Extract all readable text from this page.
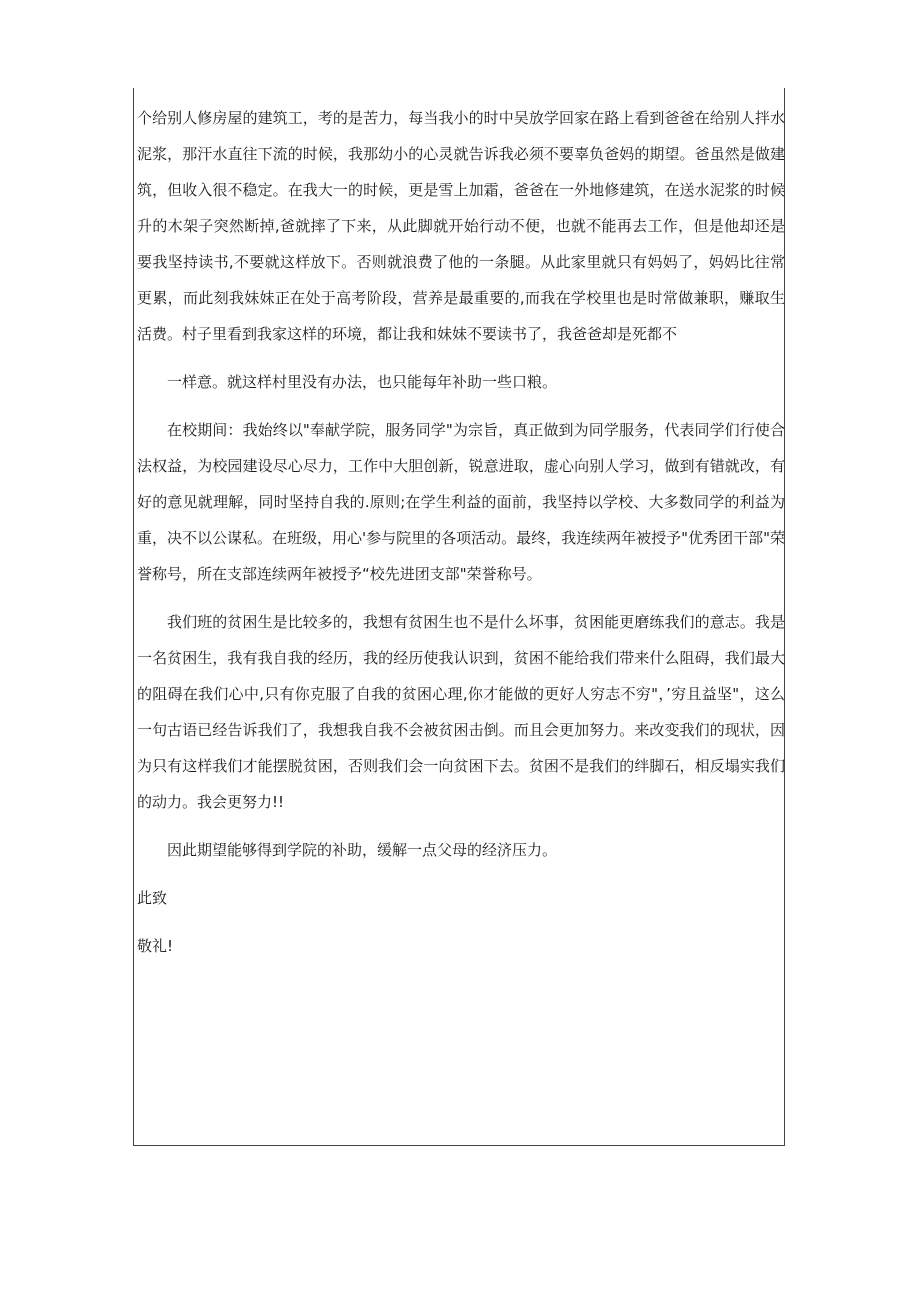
个给别人修房屋的建筑工，考的是苦力，每当我小的时中吴放学回家在路上看到爸爸在给别人拌水泥浆，那汗水直往下流的时候，我那幼小的心灵就告诉我必须不要辜负爸妈的期望。爸虽然是做建筑，但收入很不稳定。在我大一的时候，更是雪上加霜，爸爸在一外地修建筑，在送水泥浆的时候升的木架子突然断掉,爸就摔了下来，从此脚就开始行动不便，也就不能再去工作，但是他却还是要我坚持读书,不要就这样放下。否则就浪费了他的一条腿。从此家里就只有妈妈了，妈妈比往常更累，而此刻我妹妹正在处于高考阶段，营养是最重要的,而我在学校里也是时常做兼职，赚取生活费。村子里看到我家这样的环境，都让我和妹妹不要读书了，我爸爸却是死都不

一样意。就这样村里没有办法，也只能每年补助一些口粮。

在校期间：我始终以"奉献学院，服务同学"为宗旨，真正做到为同学服务，代表同学们行使合法权益，为校园建设尽心尽力，工作中大胆创新，锐意进取，虚心向别人学习，做到有错就改，有好的意见就理解，同时坚持自我的.原则;在学生利益的面前，我坚持以学校、大多数同学的利益为重，决不以公谋私。在班级，用心'参与院里的各项活动。最终，我连续两年被授予"优秀团干部"荣誉称号，所在支部连续两年被授予“校先进团支部"荣誉称号。

我们班的贫困生是比较多的，我想有贫困生也不是什么坏事，贫困能更磨练我们的意志。我是一名贫困生，我有我自我的经历，我的经历使我认识到，贫困不能给我们带来什么阻碍，我们最大的阻碍在我们心中,只有你克服了自我的贫困心理,你才能做的更好人穷志不穷"，’穷且益坚"，这么一句古语已经告诉我们了，我想我自我不会被贫困击倒。而且会更加努力。来改变我们的现状，因为只有这样我们才能摆脱贫困，否则我们会一向贫困下去。贫困不是我们的绊脚石，相反塌实我们的动力。我会更努力!!

因此期望能够得到学院的补助，缓解一点父母的经济压力。

此致

敬礼!
